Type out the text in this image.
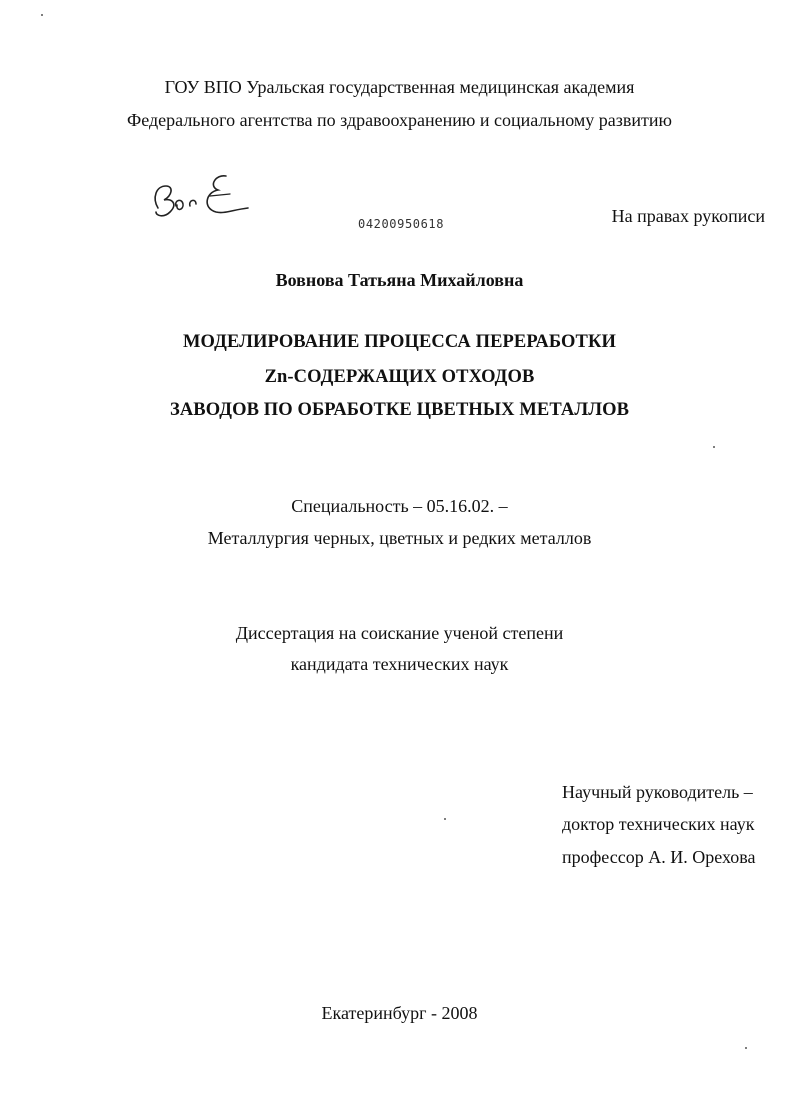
ГОУ ВПО Уральская государственная медицинская академия
Федерального агентства по здравоохранению и социальному развитию
04200950618	На правах рукописи
Вовнова Татьяна Михайловна
МОДЕЛИРОВАНИЕ ПРОЦЕССА ПЕРЕРАБОТКИ
Zn-СОДЕРЖАЩИХ ОТХОДОВ
ЗАВОДОВ ПО ОБРАБОТКЕ ЦВЕТНЫХ МЕТАЛЛОВ
Специальность – 05.16.02. –
Металлургия черных, цветных и редких металлов
Диссертация на соискание ученой степени
кандидата технических наук
Научный руководитель –
доктор технических наук
профессор А. И. Орехова
Екатеринбург - 2008
